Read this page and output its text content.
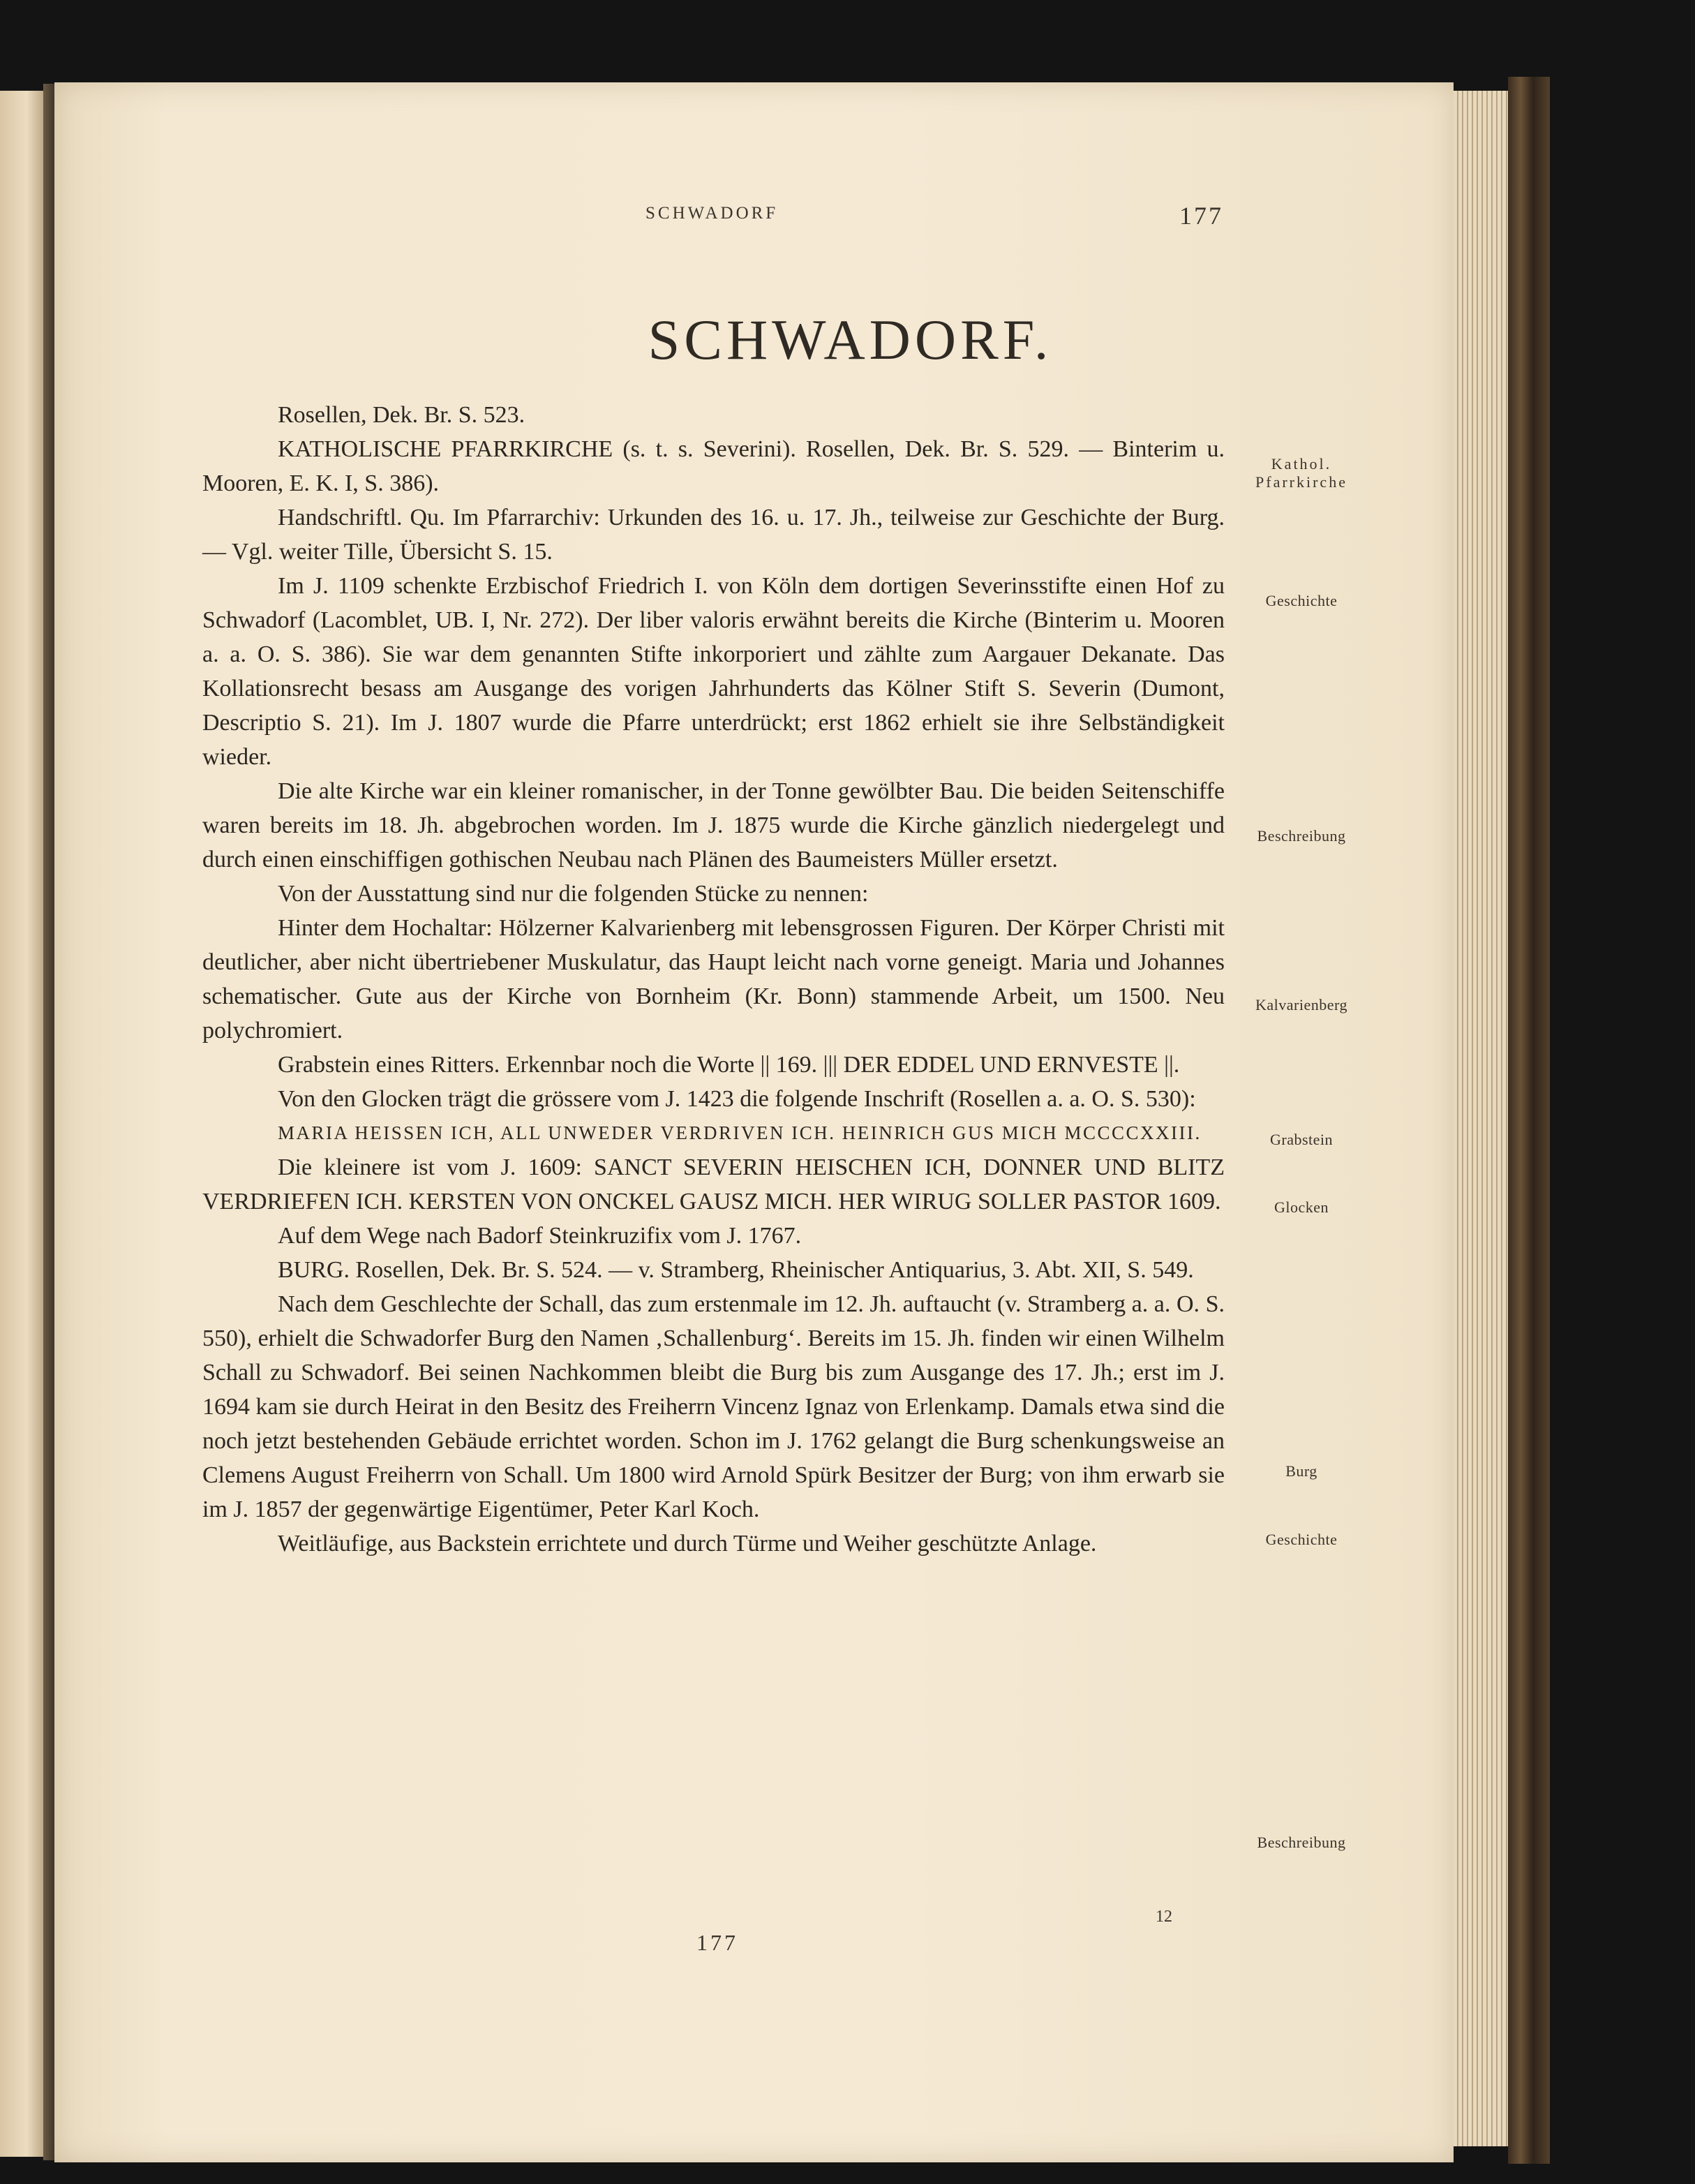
SCHWADORF	177
SCHWADORF.

Rosellen, Dek. Br. S. 523.

KATHOLISCHE PFARRKIRCHE (s. t. s. Severini). Rosellen, Dek. Br. S. 529. — Binterim u. Mooren, E. K. I, S. 386).

Handschriftl. Qu. Im Pfarrarchiv: Urkunden des 16. u. 17. Jh., teilweise zur Geschichte der Burg. — Vgl. weiter Tille, Übersicht S. 15.

Im J. 1109 schenkte Erzbischof Friedrich I. von Köln dem dortigen Severinsstifte einen Hof zu Schwadorf (Lacomblet, UB. I, Nr. 272). Der liber valoris erwähnt bereits die Kirche (Binterim u. Mooren a. a. O. S. 386). Sie war dem genannten Stifte inkorporiert und zählte zum Aargauer Dekanate. Das Kollationsrecht besass am Ausgange des vorigen Jahrhunderts das Kölner Stift S. Severin (Dumont, Descriptio S. 21). Im J. 1807 wurde die Pfarre unterdrückt; erst 1862 erhielt sie ihre Selbständigkeit wieder.

Die alte Kirche war ein kleiner romanischer, in der Tonne gewölbter Bau. Die beiden Seitenschiffe waren bereits im 18. Jh. abgebrochen worden. Im J. 1875 wurde die Kirche gänzlich niedergelegt und durch einen einschiffigen gothischen Neubau nach Plänen des Baumeisters Müller ersetzt.

Von der Ausstattung sind nur die folgenden Stücke zu nennen:

Hinter dem Hochaltar: Hölzerner Kalvarienberg mit lebensgrossen Figuren. Der Körper Christi mit deutlicher, aber nicht übertriebener Muskulatur, das Haupt leicht nach vorne geneigt. Maria und Johannes schematischer. Gute aus der Kirche von Bornheim (Kr. Bonn) stammende Arbeit, um 1500. Neu polychromiert.

Grabstein eines Ritters. Erkennbar noch die Worte || 169. ||| DER EDDEL UND ERNVESTE ||.

Von den Glocken trägt die grössere vom J. 1423 die folgende Inschrift (Rosellen a. a. O. S. 530):

MARIA HEISSEN ICH, ALL UNWEDER VERDRIVEN ICH. HEINRICH GUS MICH MCCCCXXIII.

Die kleinere ist vom J. 1609: SANCT SEVERIN HEISCHEN ICH, DONNER UND BLITZ VERDRIEFEN ICH. KERSTEN VON ONCKEL GAUSZ MICH. HER WIRUG SOLLER PASTOR 1609.

Auf dem Wege nach Badorf Steinkruzifix vom J. 1767.

BURG. Rosellen, Dek. Br. S. 524. — v. Stramberg, Rheinischer Antiquarius, 3. Abt. XII, S. 549.

Nach dem Geschlechte der Schall, das zum erstenmale im 12. Jh. auftaucht (v. Stramberg a. a. O. S. 550), erhielt die Schwadorfer Burg den Namen ‚Schallenburg‘. Bereits im 15. Jh. finden wir einen Wilhelm Schall zu Schwadorf. Bei seinen Nachkommen bleibt die Burg bis zum Ausgange des 17. Jh.; erst im J. 1694 kam sie durch Heirat in den Besitz des Freiherrn Vincenz Ignaz von Erlenkamp. Damals etwa sind die noch jetzt bestehenden Gebäude errichtet worden. Schon im J. 1762 gelangt die Burg schenkungsweise an Clemens August Freiherrn von Schall. Um 1800 wird Arnold Spürk Besitzer der Burg; von ihm erwarb sie im J. 1857 der gegenwärtige Eigentümer, Peter Karl Koch.

Weitläufige, aus Backstein errichtete und durch Türme und Weiher geschützte Anlage.

Kathol.
Pfarrkirche
Geschichte
Beschreibung
Kalvarienberg
Grabstein
Glocken
Burg
Geschichte
Beschreibung
12
177
